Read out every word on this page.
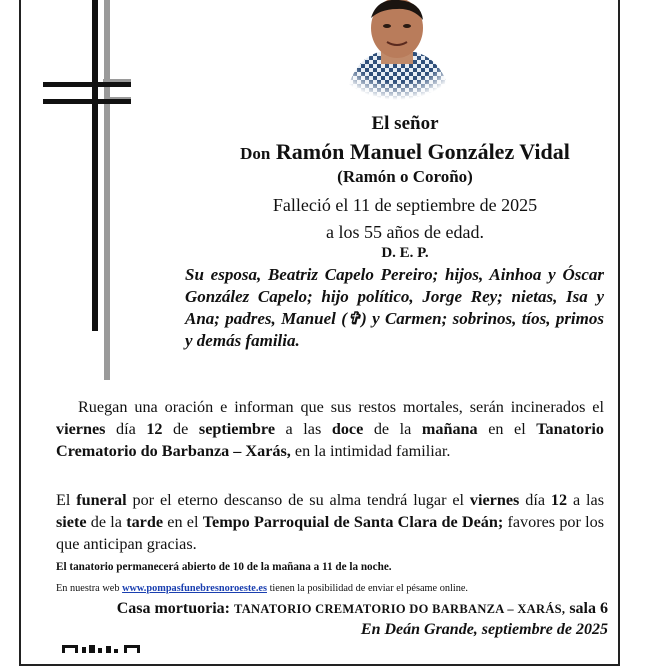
El señor
Don Ramón Manuel González Vidal
(Ramón o Coroño)
Falleció el 11 de septiembre de 2025
a los 55 años de edad.
D. E. P.
Su esposa, Beatriz Capelo Pereiro; hijos, Ainhoa y Óscar González Capelo; hijo político, Jorge Rey; nietas, Isa y Ana; padres, Manuel (✞) y Carmen; sobrinos, tíos, primos y demás familia.
Ruegan una oración e informan que sus restos mortales, serán incinerados el viernes día 12 de septiembre a las doce de la mañana en el Tanatorio Crematorio do Barbanza – Xarás, en la intimidad familiar.
El funeral por el eterno descanso de su alma tendrá lugar el viernes día 12 a las siete de la tarde en el Tempo Parroquial de Santa Clara de Deán; favores por los que anticipan gracias.
El tanatorio permanecerá abierto de 10 de la mañana a 11 de la noche.
En nuestra web www.pompasfunebresnoroeste.es tienen la posibilidad de enviar el pésame online.
Casa mortuoria: TANATORIO CREMATORIO DO BARBANZA – XARÁS, sala 6
En Deán Grande, septiembre de 2025
